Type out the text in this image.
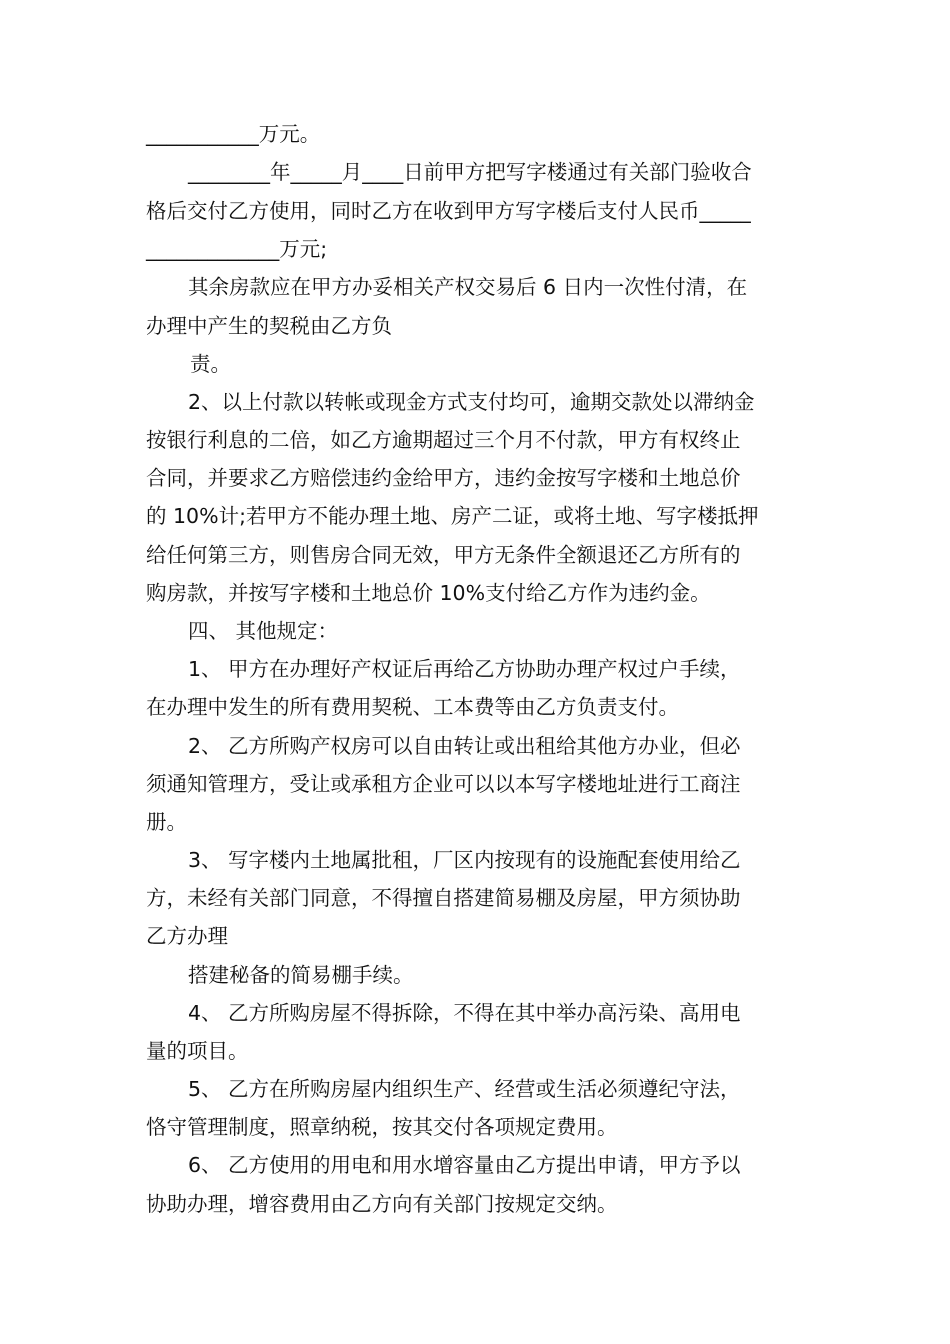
___________万元。
________年_____月____日前甲方把写字楼通过有关部门验收合
格后交付乙方使用，同时乙方在收到甲方写字楼后支付人民币_____
_____________万元;
其余房款应在甲方办妥相关产权交易后 6 日内一次性付清，在
办理中产生的契税由乙方负
责。
2、以上付款以转帐或现金方式支付均可，逾期交款处以滞纳金
按银行利息的二倍，如乙方逾期超过三个月不付款，甲方有权终止
合同，并要求乙方赔偿违约金给甲方，违约金按写字楼和土地总价
的 10%计;若甲方不能办理土地、房产二证，或将土地、写字楼抵押
给任何第三方，则售房合同无效，甲方无条件全额退还乙方所有的
购房款，并按写字楼和土地总价 10%支付给乙方作为违约金。
四、 其他规定：
1、 甲方在办理好产权证后再给乙方协助办理产权过户手续，
在办理中发生的所有费用契税、工本费等由乙方负责支付。
2、 乙方所购产权房可以自由转让或出租给其他方办业，但必
须通知管理方，受让或承租方企业可以以本写字楼地址进行工商注
册。
3、 写字楼内土地属批租，厂区内按现有的设施配套使用给乙
方，未经有关部门同意，不得擅自搭建简易棚及房屋，甲方须协助
乙方办理
搭建秘备的简易棚手续。
4、 乙方所购房屋不得拆除，不得在其中举办高污染、高用电
量的项目。
5、 乙方在所购房屋内组织生产、经营或生活必须遵纪守法，
恪守管理制度，照章纳税，按其交付各项规定费用。
6、 乙方使用的用电和用水增容量由乙方提出申请，甲方予以
协助办理，增容费用由乙方向有关部门按规定交纳。
